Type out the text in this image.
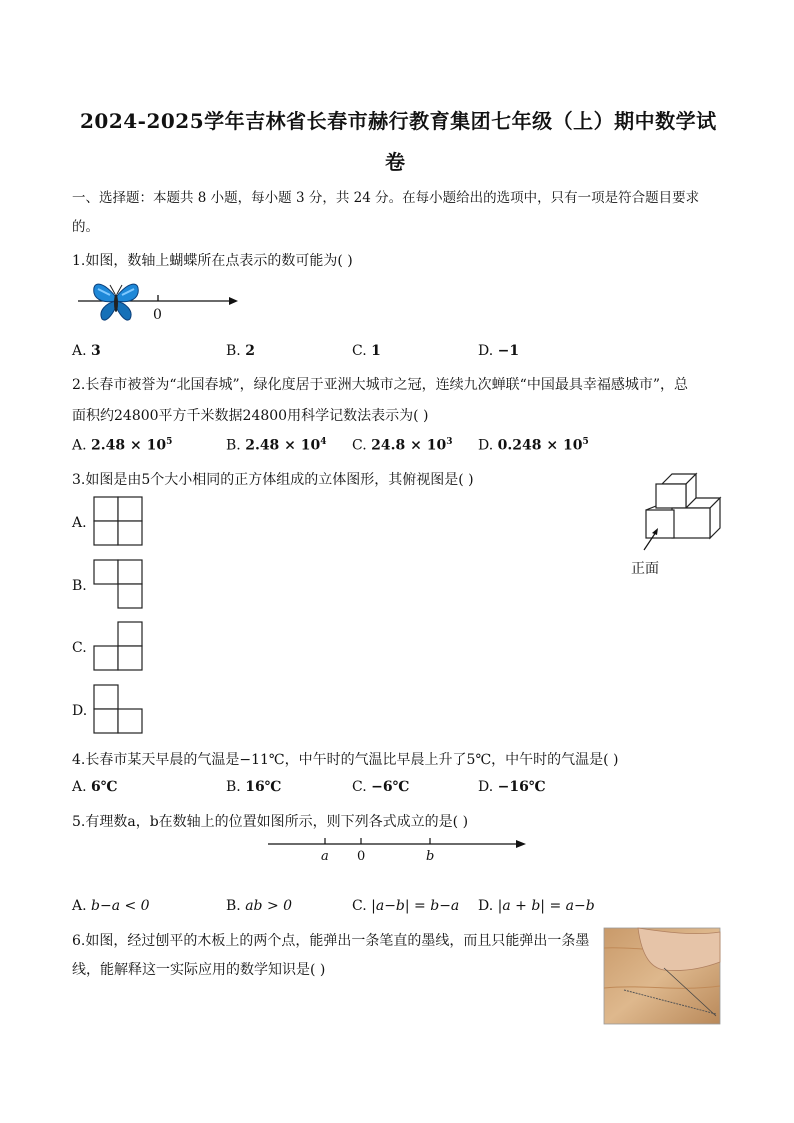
2024-2025学年吉林省长春市赫行教育集团七年级（上）期中数学试
卷
一、选择题：本题共 8 小题，每小题 3 分，共 24 分。在每小题给出的选项中，只有一项是符合题目要求
的。
1.如图，数轴上蝴蝶所在点表示的数可能为( )
0
A. 3	B. 2	C. 1	D. −1
2.长春市被誉为“北国春城”，绿化度居于亚洲大城市之冠，连续九次蝉联“中国最具幸福感城市”，总
面积约24800平方千米数据24800用科学记数法表示为( )
A. $2.48 \times 10^5$	B. $2.48 \times 10^4$ C. $24.8 \times 10^3$ D. $0.248 \times 10^5$
3.如图是由5个大小相同的正方体组成的立体图形，其俯视图是( )
正面
A.
B.
C.
D.
4.长春市某天早晨的气温是−11℃，中午时的气温比早晨上升了5℃，中午时的气温是( )
A. 6℃	B. 16℃	C. −6℃	D. −16℃
5.有理数a，b在数轴上的位置如图所示，则下列各式成立的是( )
a 0	b
A. b−a < 0	B. ab > 0	C. |a−b| = b−a D. |a + b| = a−b
6.如图，经过刨平的木板上的两个点，能弹出一条笔直的墨线，而且只能弹出一条墨
线，能解释这一实际应用的数学知识是( )
